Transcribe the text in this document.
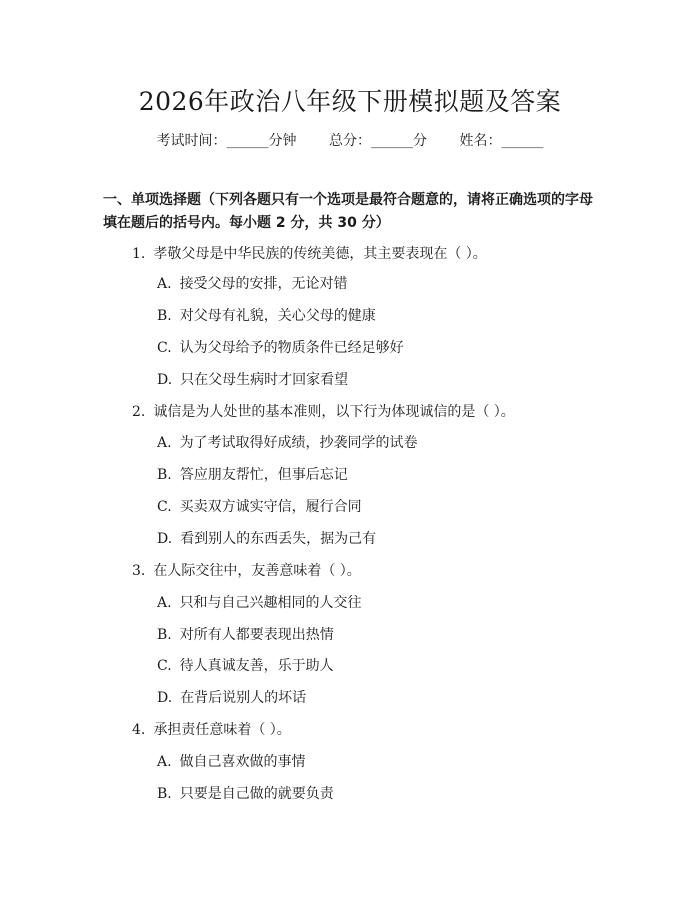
2026年政治八年级下册模拟题及答案
考试时间：______分钟 总分：______分 姓名：______
一、单项选择题（下列各题只有一个选项是最符合题意的，请将正确选项的字母填在题后的括号内。每小题 2 分，共 30 分）
1. 孝敬父母是中华民族的传统美德，其主要表现在（ ）。
A. 接受父母的安排，无论对错
B. 对父母有礼貌，关心父母的健康
C. 认为父母给予的物质条件已经足够好
D. 只在父母生病时才回家看望
2. 诚信是为人处世的基本准则，以下行为体现诚信的是（ ）。
A. 为了考试取得好成绩，抄袭同学的试卷
B. 答应朋友帮忙，但事后忘记
C. 买卖双方诚实守信，履行合同
D. 看到别人的东西丢失，据为己有
3. 在人际交往中，友善意味着（ ）。
A. 只和与自己兴趣相同的人交往
B. 对所有人都要表现出热情
C. 待人真诚友善，乐于助人
D. 在背后说别人的坏话
4. 承担责任意味着（ ）。
A. 做自己喜欢做的事情
B. 只要是自己做的就要负责
